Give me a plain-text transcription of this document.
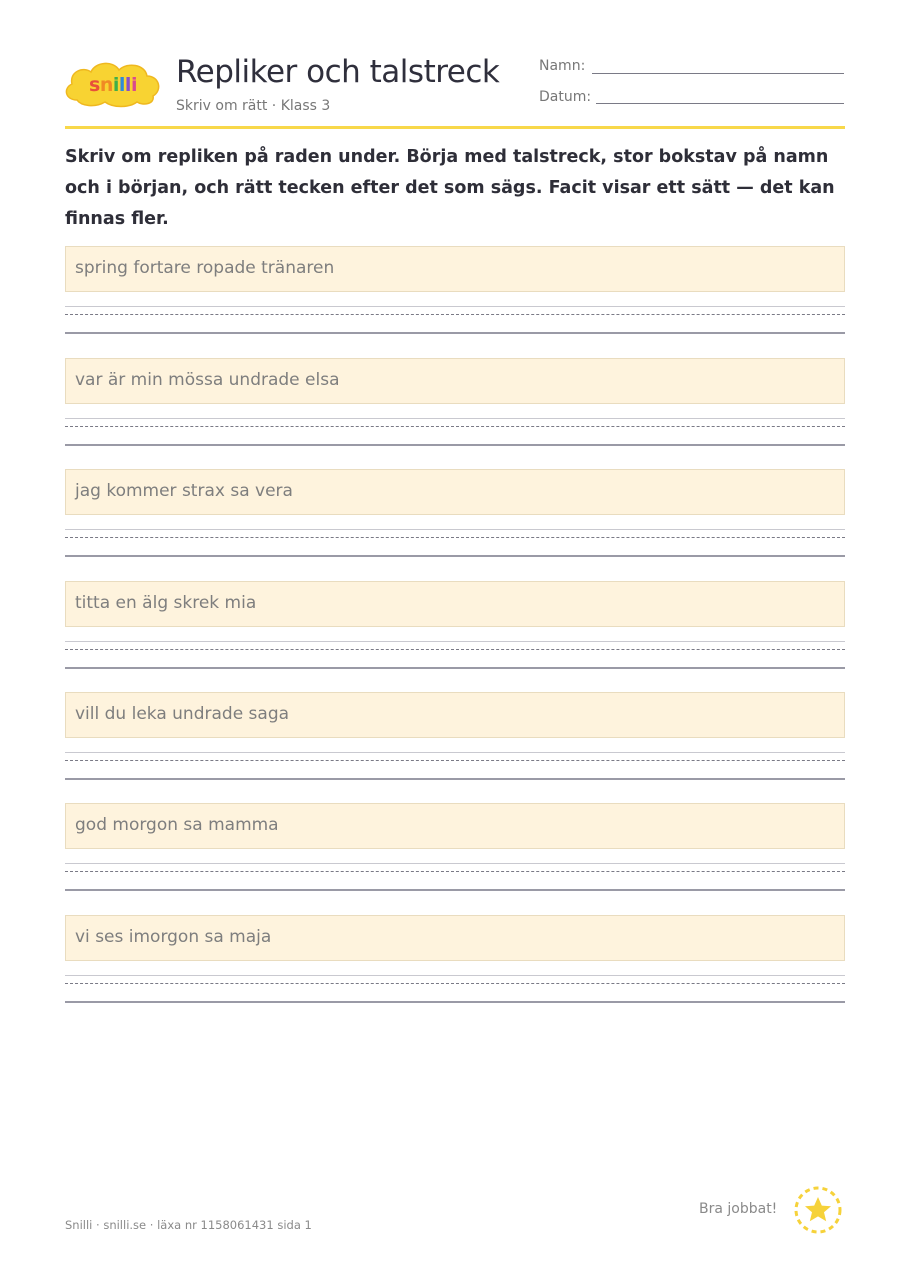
snilli Repliker och talstreck
Skriv om rätt · Klass 3
Namn:
Datum:
Skriv om repliken på raden under. Börja med talstreck, stor bokstav på namn och i början, och rätt tecken efter det som sägs. Facit visar ett sätt — det kan finnas fler.
spring fortare ropade tränaren
var är min mössa undrade elsa
jag kommer strax sa vera
titta en älg skrek mia
vill du leka undrade saga
god morgon sa mamma
vi ses imorgon sa maja
Snilli · snilli.se · läxa nr 1158061431 sida 1
Bra jobbat!
